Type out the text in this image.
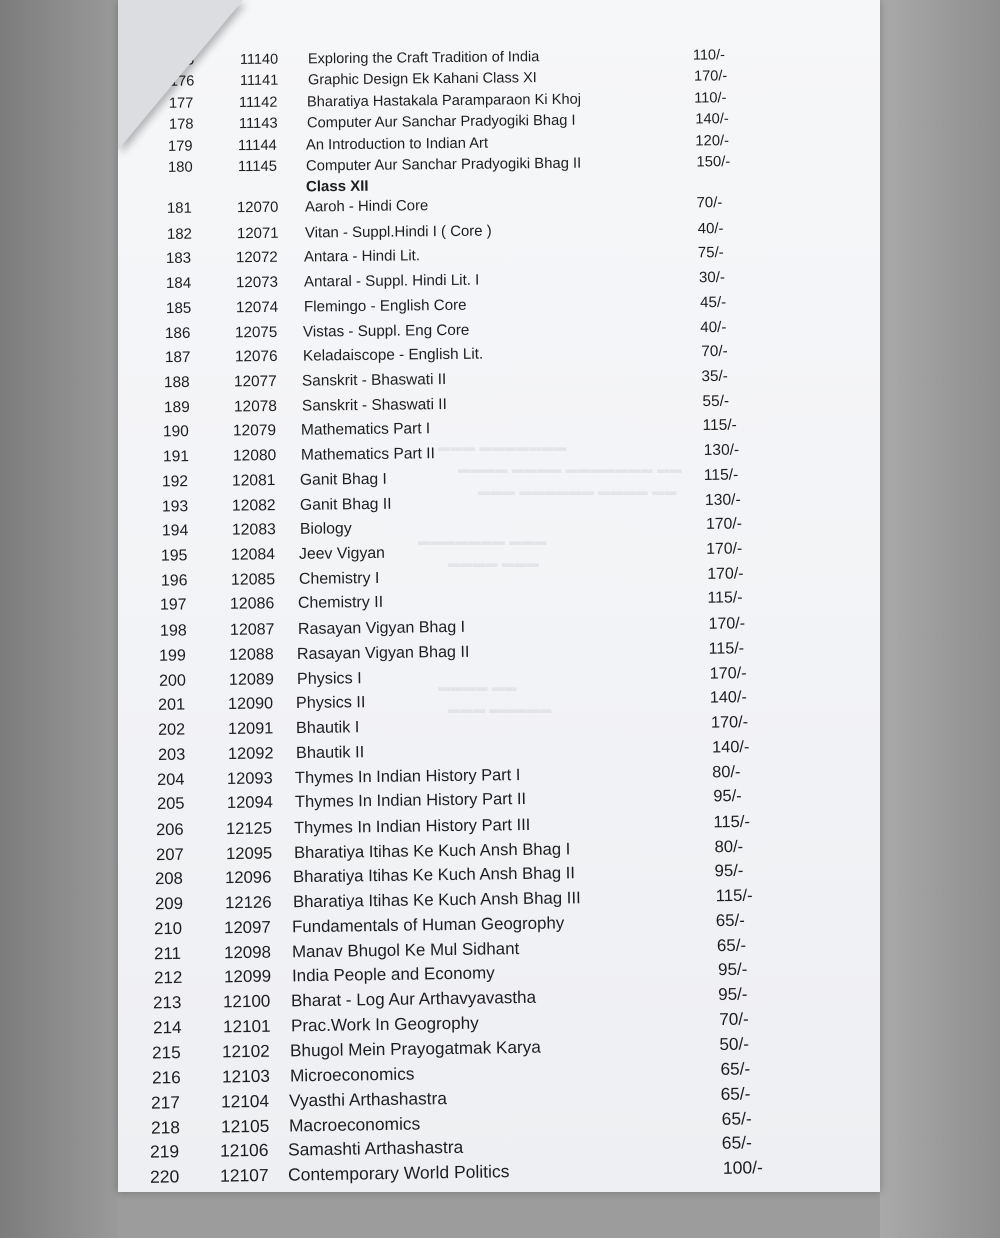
▬▬▬ ▬▬▬▬▬▬▬
▬▬▬▬ ▬▬▬▬ ▬▬▬▬▬▬▬ ▬▬
▬▬▬ ▬▬▬▬▬▬ ▬▬▬▬ ▬▬
▬▬▬▬▬▬▬ ▬▬▬
▬▬▬▬ ▬▬▬
▬▬▬▬ ▬▬
▬▬▬ ▬▬▬▬▬
175	11140	Exploring the Craft Tradition of India	110/-
176	11141	Graphic Design Ek Kahani Class XI	170/-
177	11142	Bharatiya Hastakala Paramparaon Ki Khoj	110/-
178	11143	Computer Aur Sanchar Pradyogiki Bhag I	140/-
179	11144	An Introduction to Indian Art	120/-
180	11145	Computer Aur Sanchar Pradyogiki Bhag II	150/-
181	12070	Aaroh - Hindi Core	70/-
182	12071	Vitan - Suppl.Hindi I ( Core )	40/-
183	12072	Antara - Hindi Lit.	75/-
184	12073	Antaral - Suppl. Hindi Lit. I	30/-
185	12074	Flemingo - English Core	45/-
186	12075	Vistas - Suppl. Eng Core	40/-
187	12076	Keladaiscope - English Lit.	70/-
188	12077	Sanskrit - Bhaswati II	35/-
189	12078	Sanskrit - Shaswati II	55/-
190	12079	Mathematics Part I	115/-
191	12080	Mathematics Part II	130/-
192	12081	Ganit Bhag I	115/-
193	12082	Ganit Bhag II	130/-
194	12083	Biology	170/-
195	12084	Jeev Vigyan	170/-
196	12085	Chemistry I	170/-
197	12086	Chemistry II	115/-
198	12087	Rasayan Vigyan Bhag I	170/-
199	12088	Rasayan Vigyan Bhag II	115/-
200	12089	Physics I	170/-
201	12090	Physics II	140/-
202	12091	Bhautik I	170/-
203	12092	Bhautik II	140/-
204	12093	Thymes In Indian History Part I	80/-
205	12094	Thymes In Indian History Part II	95/-
206	12125	Thymes In Indian History Part III	115/-
207	12095	Bharatiya Itihas Ke Kuch Ansh Bhag I	80/-
208	12096	Bharatiya Itihas Ke Kuch Ansh Bhag II	95/-
209	12126	Bharatiya Itihas Ke Kuch Ansh Bhag III	115/-
210	12097	Fundamentals of Human Geogrophy	65/-
211	12098	Manav Bhugol Ke Mul Sidhant	65/-
212	12099	India People and Economy	95/-
213	12100	Bharat - Log Aur Arthavyavastha	95/-
214	12101	Prac.Work In Geogrophy	70/-
215	12102	Bhugol Mein Prayogatmak Karya	50/-
216	12103	Microeconomics	65/-
217	12104	Vyasthi Arthashastra	65/-
218	12105	Macroeconomics	65/-
219	12106	Samashti Arthashastra	65/-
220	12107	Contemporary World Politics	100/-
Class XII
